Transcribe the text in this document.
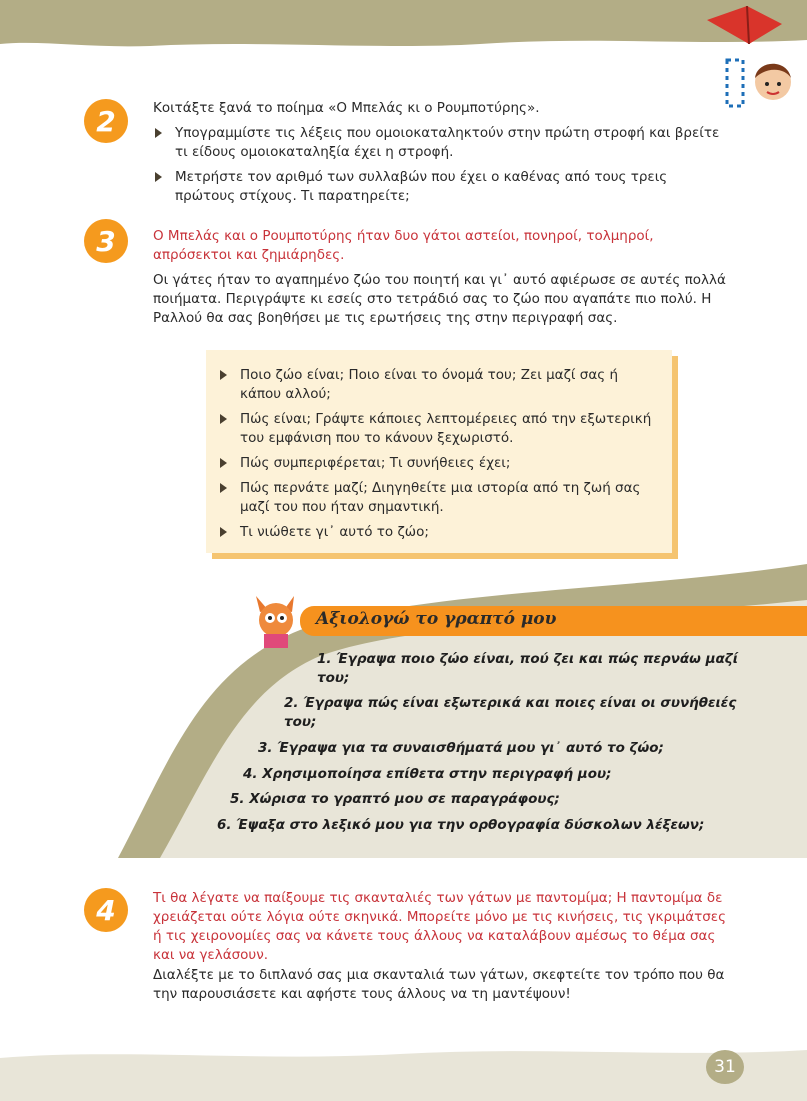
2	Κοιτάξτε ξανά το ποίημα «Ο Μπελάς κι ο Ρουμποτύρης».
Υπογραμμίστε τις λέξεις που ομοιοκαταληκτούν στην πρώτη στροφή και βρείτε τι είδους ομοιοκαταληξία έχει η στροφή.
Μετρήστε τον αριθμό των συλλαβών που έχει ο καθένας από τους τρεις πρώτους στίχους. Τι παρατηρείτε;
3	Ο Μπελάς και ο Ρουμποτύρης ήταν δυο γάτοι αστείοι, πονηροί, τολμηροί, απρόσεκτοι και ζημιάρηδες.
Οι γάτες ήταν το αγαπημένο ζώο του ποιητή και γι᾽ αυτό αφιέρωσε σε αυτές πολλά ποιήματα. Περιγράψτε κι εσείς στο τετράδιό σας το ζώο που αγαπάτε πιο πολύ. Η Ραλλού θα σας βοηθήσει με τις ερωτήσεις της στην περιγραφή σας.
Ποιο ζώο είναι; Ποιο είναι το όνομά του; Ζει μαζί σας ή κάπου αλλού;
Πώς είναι; Γράψτε κάποιες λεπτομέρειες από την εξωτερική του εμφάνιση που το κάνουν ξεχωριστό.
Πώς συμπεριφέρεται; Τι συνήθειες έχει;
Πώς περνάτε μαζί; Διηγηθείτε μια ιστορία από τη ζωή σας μαζί του που ήταν σημαντική.
Τι νιώθετε γι᾽ αυτό το ζώο;
Αξιολογώ το γραπτό μου
1. Έγραψα ποιο ζώο είναι, πού ζει και πώς περνάω μαζί του;
2. Έγραψα πώς είναι εξωτερικά και ποιες είναι οι συνήθειές του;
3. Έγραψα για τα συναισθήματά μου γι᾽ αυτό το ζώο;
4. Χρησιμοποίησα επίθετα στην περιγραφή μου;
5. Χώρισα το γραπτό μου σε παραγράφους;
6. Έψαξα στο λεξικό μου για την ορθογραφία δύσκολων λέξεων;
4	Τι θα λέγατε να παίξουμε τις σκανταλιές των γάτων με παντομίμα; Η παντομίμα δε χρειάζεται ούτε λόγια ούτε σκηνικά. Μπορείτε μόνο με τις κινήσεις, τις γκριμάτσες ή τις χειρονομίες σας να κάνετε τους άλλους να καταλάβουν αμέσως το θέμα σας και να γελάσουν.
Διαλέξτε με το διπλανό σας μια σκανταλιά των γάτων, σκεφτείτε τον τρόπο που θα την παρουσιάσετε και αφήστε τους άλλους να τη μαντέψουν!
31
